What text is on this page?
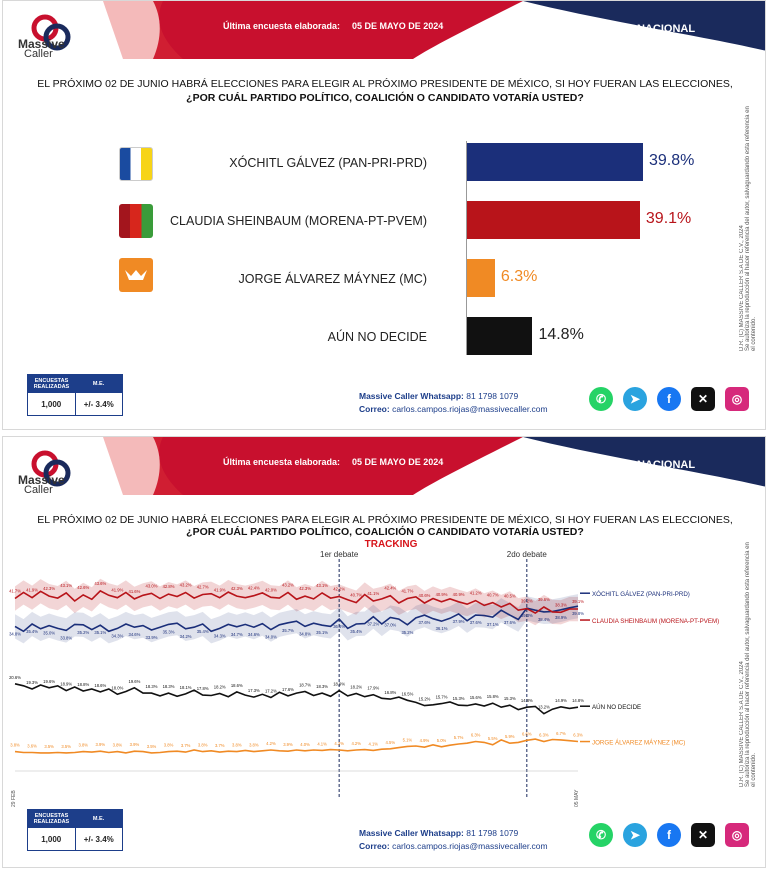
Massive
Caller
Última encuesta elaborada: 05 DE MAYO DE 2024	NACIONAL
EL PRÓXIMO 02 DE JUNIO HABRÁ ELECCIONES PARA ELEGIR AL PRÓXIMO PRESIDENTE DE MÉXICO, SI HOY FUERAN LAS ELECCIONES,
¿POR CUÁL PARTIDO POLÍTICO, COALICIÓN O CANDIDATO VOTARÍA USTED?
D.R. (C) MASSIVE CALLER S.A DE C.V., 2024
Se autoriza la reproducción al hacer referencia del autor, salvaguardando esta referencia en el contenido.
XÓCHITL GÁLVEZ (PAN-PRI-PRD)	39.8%
CLAUDIA SHEINBAUM (MORENA-PT-PVEM)	39.1%
JORGE ÁLVAREZ MÁYNEZ (MC)	6.3%
AÚN NO DECIDE	14.8%
ENCUESTAS REALIZADAS	M.E.
1,000	+/- 3.4%
Massive Caller Whatsapp: 81 1798 1079
Correo: carlos.campos.riojas@massivecaller.com
✆	➤	f	✕	◎
Massive
Caller
Última encuesta elaborada: 05 DE MAYO DE 2024	NACIONAL
EL PRÓXIMO 02 DE JUNIO HABRÁ ELECCIONES PARA ELEGIR AL PRÓXIMO PRESIDENTE DE MÉXICO, SI HOY FUERAN LAS ELECCIONES,
¿POR CUÁL PARTIDO POLÍTICO, COALICIÓN O CANDIDATO VOTARÍA USTED?
D.R. (C) MASSIVE CALLER S.A DE C.V., 2024
Se autoriza la reproducción al hacer referencia del autor, salvaguardando esta referencia en el contenido.
TRACKING
1er debate	2do debate
34.8% 35.4% 35.0%
33.8%
35.2% 35.1%
34.3% 34.6%
33.9%
35.3%
34.2%
35.4%
34.3% 34.7% 34.6% 34.0%
35.7%
34.8% 35.1%
36.6%
35.4%
37.2% 37.0%
35.2%
37.6%
36.1%
37.9% 37.6% 37.1% 37.6%
39.3%
38.4% 38.9%
39.8%
41.7% 41.9% 42.3%
43.1% 42.6%
43.6%
41.9% 41.6%
43.0% 42.8% 43.2% 42.7%
41.9% 42.3% 42.4% 42.0%
43.2%
42.3%
43.1%
42.2%
40.7% 41.1%
42.4%
41.7%
40.6% 40.9% 40.9% 41.2% 40.7% 40.5%
39.2% 39.6%
38.3%
39.1%
20.6%
19.3% 19.6%
18.9% 18.8% 18.6% 18.0%
19.6%
18.3% 18.3% 18.1% 17.8% 18.2% 18.6%
17.3% 17.2% 17.6%
18.7% 18.3% 18.9%
18.2% 17.9%
16.8% 16.5%
15.2% 15.7% 15.3% 15.6% 15.8% 15.3% 14.8%
13.2%
14.9% 14.8%
3.8% 3.6% 3.5% 3.5% 3.8% 3.9% 3.8% 3.9% 3.5% 3.8% 3.7% 3.8% 3.7% 3.8% 3.8% 4.2% 3.9% 4.0% 4.1% 4.2% 4.2% 4.1% 4.5% 5.1% 4.9% 5.0%
5.7% 6.3%
5.5% 5.9%
6.6% 6.3% 6.7% 6.3%
XÓCHITL GÁLVEZ (PAN-PRI-PRD)
CLAUDIA SHEINBAUM (MORENA-PT-PVEM)
AÚN NO DECIDE
JORGE ÁLVAREZ MÁYNEZ (MC)
29 FEB	05 MAY
ENCUESTAS REALIZADAS	M.E.
1,000	+/- 3.4%
Massive Caller Whatsapp: 81 1798 1079
Correo: carlos.campos.riojas@massivecaller.com
✆	➤	f	✕	◎
